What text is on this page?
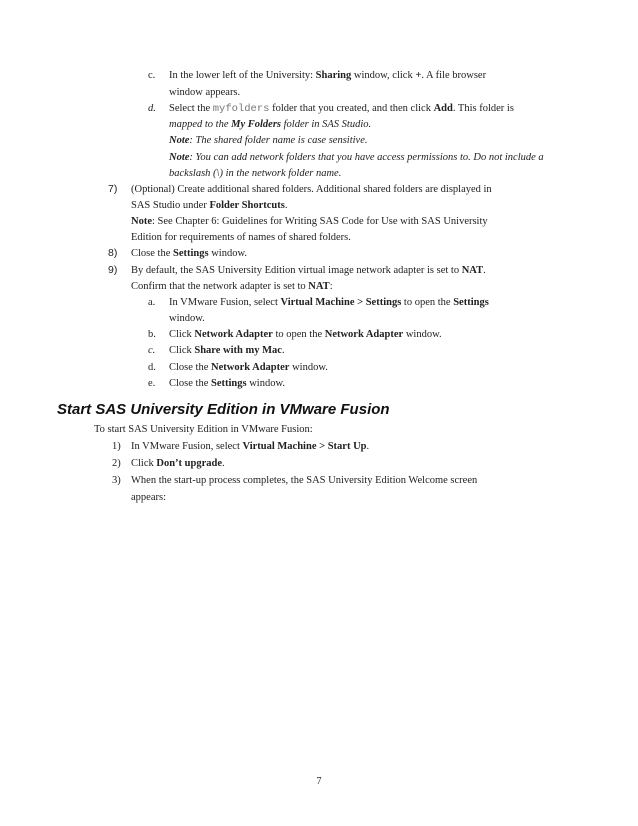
c. In the lower left of the University: Sharing window, click +. A file browser
window appears.
d. Select the myfolders folder that you created, and then click Add. This folder is
mapped to the My Folders folder in SAS Studio.
Note: The shared folder name is case sensitive.
Note: You can add network folders that you have access permissions to. Do not include a
backslash (\) in the network folder name.
7) (Optional) Create additional shared folders. Additional shared folders are displayed in
SAS Studio under Folder Shortcuts.
Note: See Chapter 6: Guidelines for Writing SAS Code for Use with SAS University
Edition for requirements of names of shared folders.
8) Close the Settings window.
9) By default, the SAS University Edition virtual image network adapter is set to NAT.
Confirm that the network adapter is set to NAT:
a. In VMware Fusion, select Virtual Machine > Settings to open the Settings
window.
b. Click Network Adapter to open the Network Adapter window.
c. Click Share with my Mac.
d. Close the Network Adapter window.
e. Close the Settings window.
Start SAS University Edition in VMware Fusion
To start SAS University Edition in VMware Fusion:
1) In VMware Fusion, select Virtual Machine > Start Up.
2) Click Don’t upgrade.
3) When the start-up process completes, the SAS University Edition Welcome screen
appears:
7
